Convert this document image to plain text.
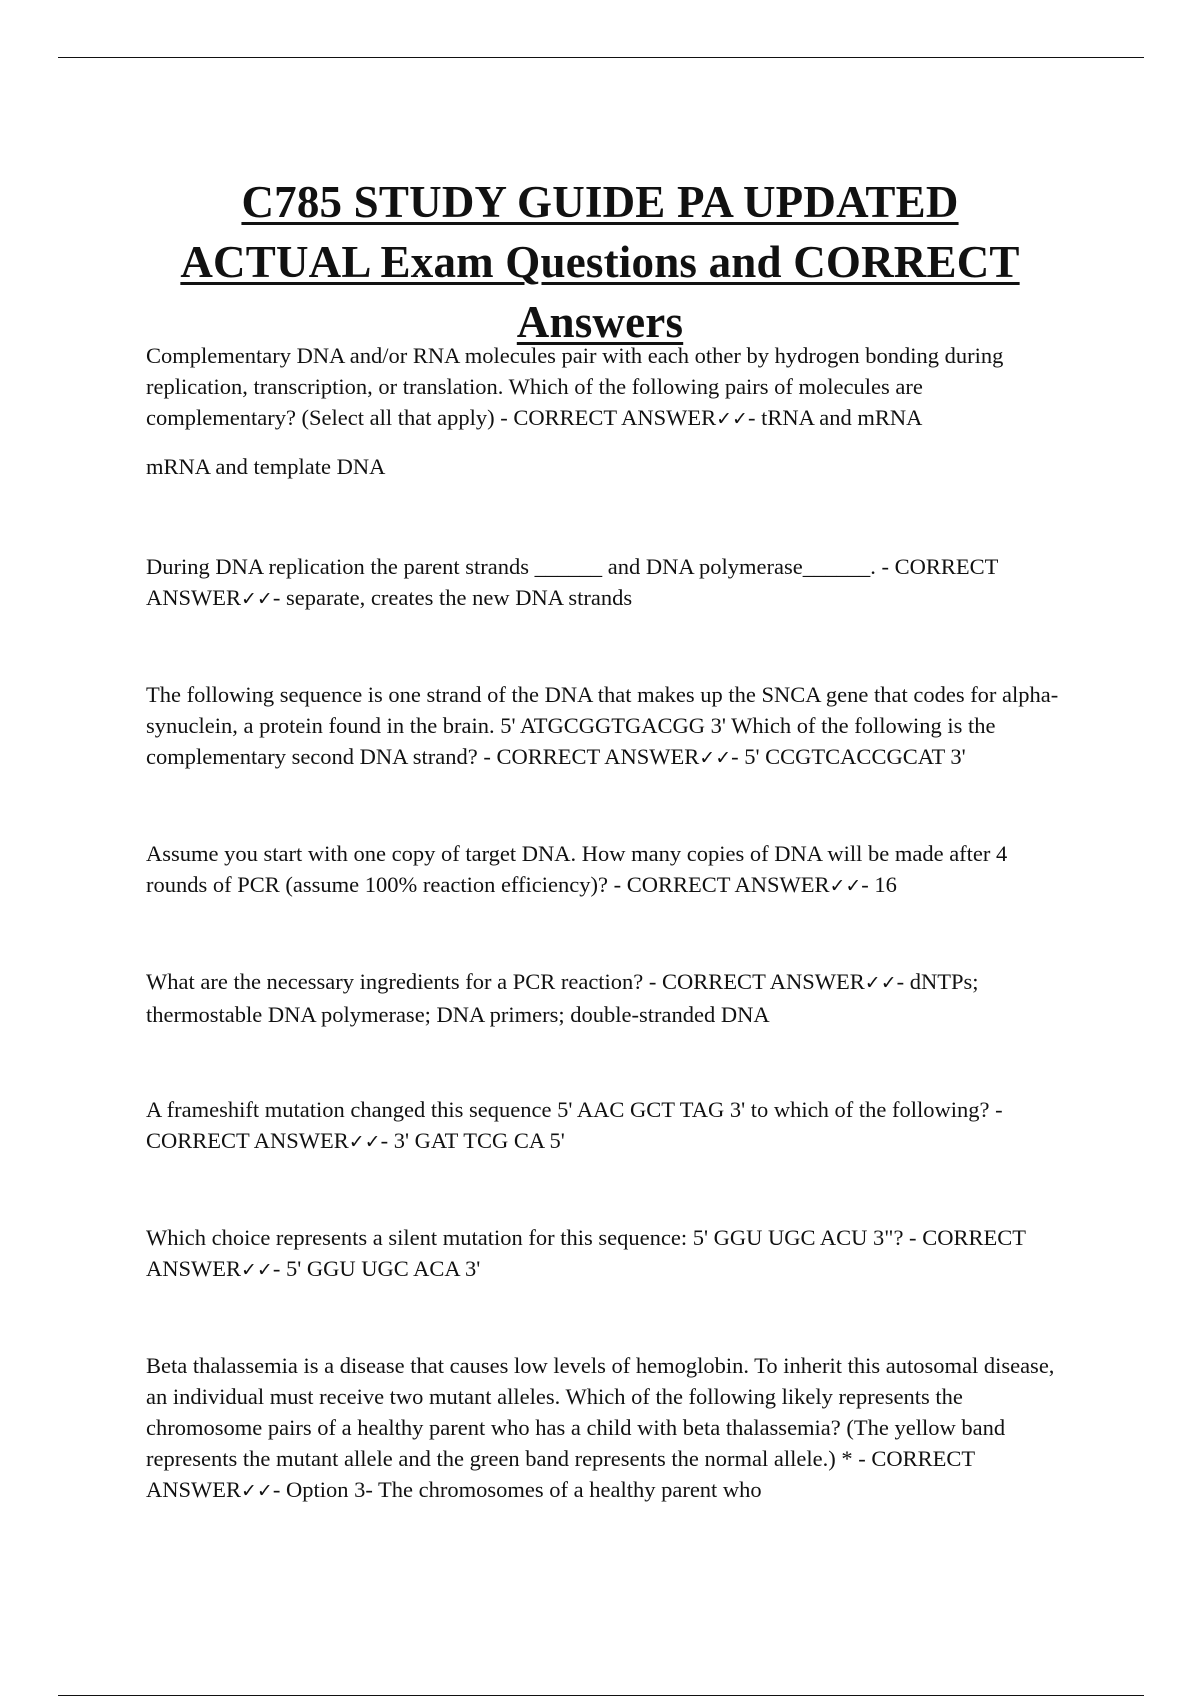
C785 STUDY GUIDE PA UPDATED
ACTUAL Exam Questions and CORRECT
Answers
Complementary DNA and/or RNA molecules pair with each other by hydrogen bonding during replication, transcription, or translation. Which of the following pairs of molecules are complementary? (Select all that apply) - CORRECT ANSWER✓✓- tRNA and mRNA
mRNA and template DNA
During DNA replication the parent strands ______ and DNA polymerase______. - CORRECT ANSWER✓✓- separate, creates the new DNA strands
The following sequence is one strand of the DNA that makes up the SNCA gene that codes for alpha-synuclein, a protein found in the brain. 5' ATGCGGTGACGG 3' Which of the following is the complementary second DNA strand? - CORRECT ANSWER✓✓- 5' CCGTCACCGCAT 3'
Assume you start with one copy of target DNA. How many copies of DNA will be made after 4 rounds of PCR (assume 100% reaction efficiency)? - CORRECT ANSWER✓✓- 16
What are the necessary ingredients for a PCR reaction? - CORRECT ANSWER✓✓- dNTPs; thermostable DNA polymerase; DNA primers; double-stranded DNA
A frameshift mutation changed this sequence 5' AAC GCT TAG 3' to which of the following? - CORRECT ANSWER✓✓- 3' GAT TCG CA 5'
Which choice represents a silent mutation for this sequence: 5' GGU UGC ACU 3"? - CORRECT ANSWER✓✓- 5' GGU UGC ACA 3'
Beta thalassemia is a disease that causes low levels of hemoglobin. To inherit this autosomal disease, an individual must receive two mutant alleles. Which of the following likely represents the chromosome pairs of a healthy parent who has a child with beta thalassemia? (The yellow band represents the mutant allele and the green band represents the normal allele.) * - CORRECT ANSWER✓✓- Option 3- The chromosomes of a healthy parent who
